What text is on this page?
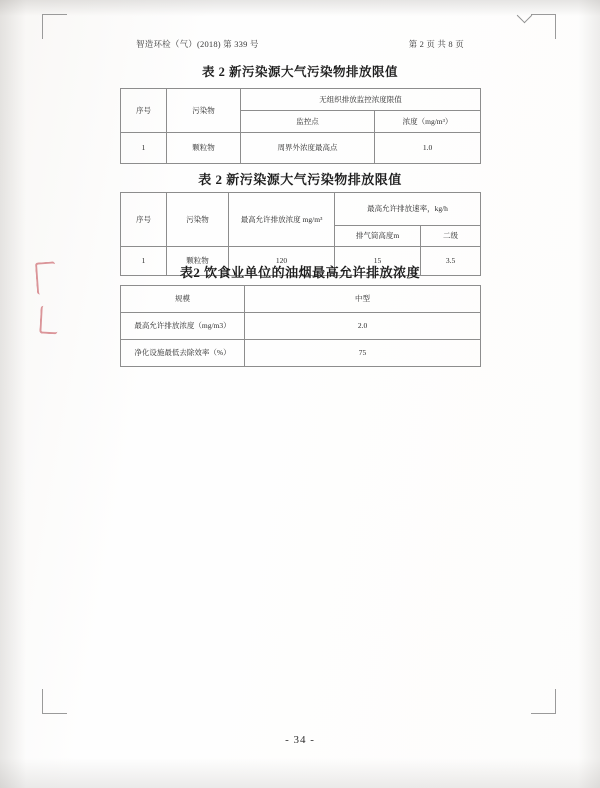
智造环检（气）(2018) 第 339 号	第 2 页 共 8 页
表 2 新污染源大气污染物排放限值
序号	污染物	无组织排放监控浓度限值	
		监控点	浓度（mg/m³）
1	颗粒物	周界外浓度最高点	1.0
表 2 新污染源大气污染物排放限值
序号	污染物	最高允许排放浓度 mg/m³	最高允许排放速率，kg/h	
			排气筒高度m	二级
1	颗粒物	120	15	3.5
表2 饮食业单位的油烟最高允许排放浓度
规模	中型
最高允许排放浓度（mg/m3）	2.0
净化设施最低去除效率（%）	75
- 34 -
